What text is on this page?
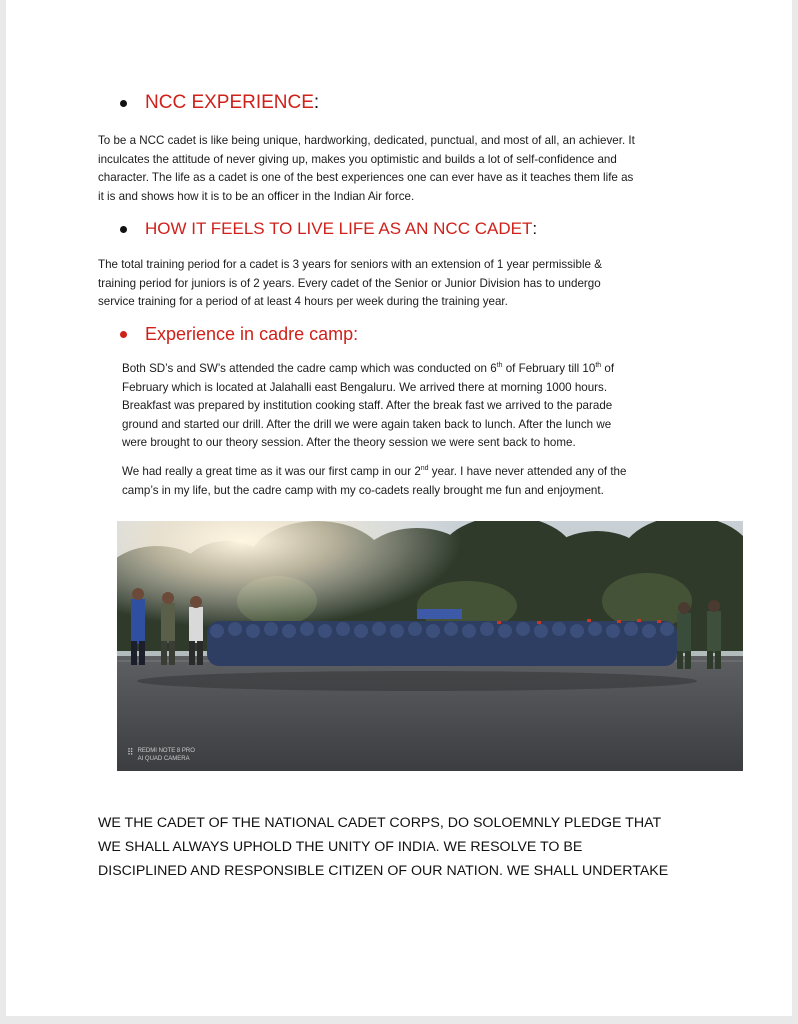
NCC EXPERIENCE :
To be a NCC cadet is like being unique, hardworking, dedicated, punctual, and most of all, an achiever. It
inculcates the attitude of never giving up, makes you optimistic and builds a lot of self-confidence and
character. The life as a cadet is one of the best experiences one can ever have as it teaches them life as
it is and shows how it is to be an officer in the Indian Air force.
HOW IT FEELS TO LIVE LIFE AS AN NCC CADET :
The total training period for a cadet is 3 years for seniors with an extension of 1 year permissible &
training period for juniors is of 2 years. Every cadet of the Senior or Junior Division has to undergo
service training for a period of at least 4 hours per week during the training year.
Experience in cadre camp:
Both SD’s and SW’s attended the cadre camp which was conducted on 6th of February till 10th of
February which is located at Jalahalli east Bengaluru. We arrived there at morning 1000 hours.
Breakfast was prepared by institution cooking staff. After the break fast we arrived to the parade
ground and started our drill. After the drill we were again taken back to lunch. After the lunch we
were brought to our theory session. After the theory session we were sent back to home.
We had really a great time as it was our first camp in our 2nd year. I have never attended any of the
camp’s in my life, but the cadre camp with my co-cadets really brought me fun and enjoyment.
⠿ REDMI NOTE 8 PRO
AI QUAD CAMERA
WE THE CADET OF THE NATIONAL CADET CORPS, DO SOLOEMNLY PLEDGE THAT
WE SHALL ALWAYS UPHOLD THE UNITY OF INDIA. WE RESOLVE TO BE
DISCIPLINED AND RESPONSIBLE CITIZEN OF OUR NATION. WE SHALL UNDERTAKE
